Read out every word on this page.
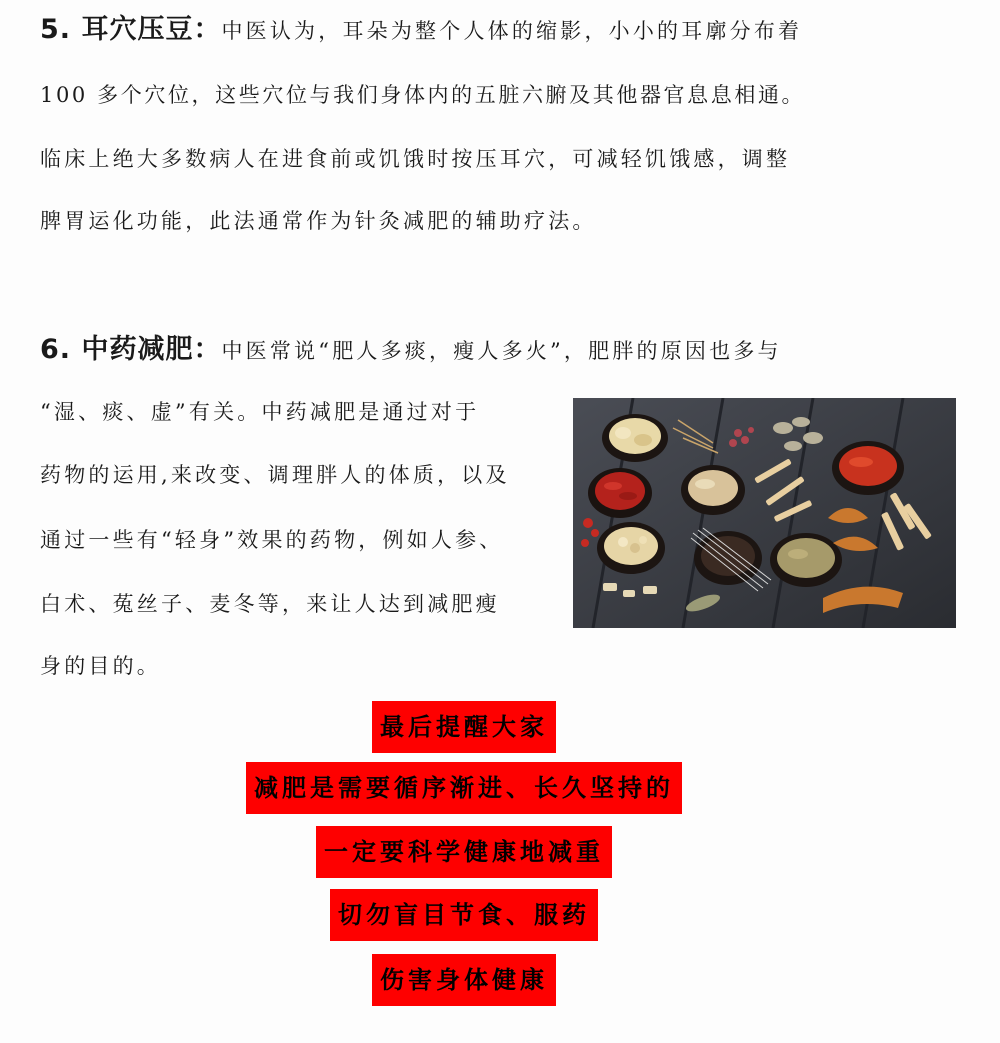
5. 耳穴压豆：中医认为，耳朵为整个人体的缩影，小小的耳廓分布着
100 多个穴位，这些穴位与我们身体内的五脏六腑及其他器官息息相通。
临床上绝大多数病人在进食前或饥饿时按压耳穴，可减轻饥饿感，调整
脾胃运化功能，此法通常作为针灸减肥的辅助疗法。
6. 中药减肥：中医常说“肥人多痰，瘦人多火”，肥胖的原因也多与
“湿、痰、虚”有关。中药减肥是通过对于
药物的运用,来改变、调理胖人的体质，以及
通过一些有“轻身”效果的药物，例如人参、
白术、菟丝子、麦冬等，来让人达到减肥瘦
身的目的。
最后提醒大家
减肥是需要循序渐进、长久坚持的
一定要科学健康地减重
切勿盲目节食、服药
伤害身体健康
